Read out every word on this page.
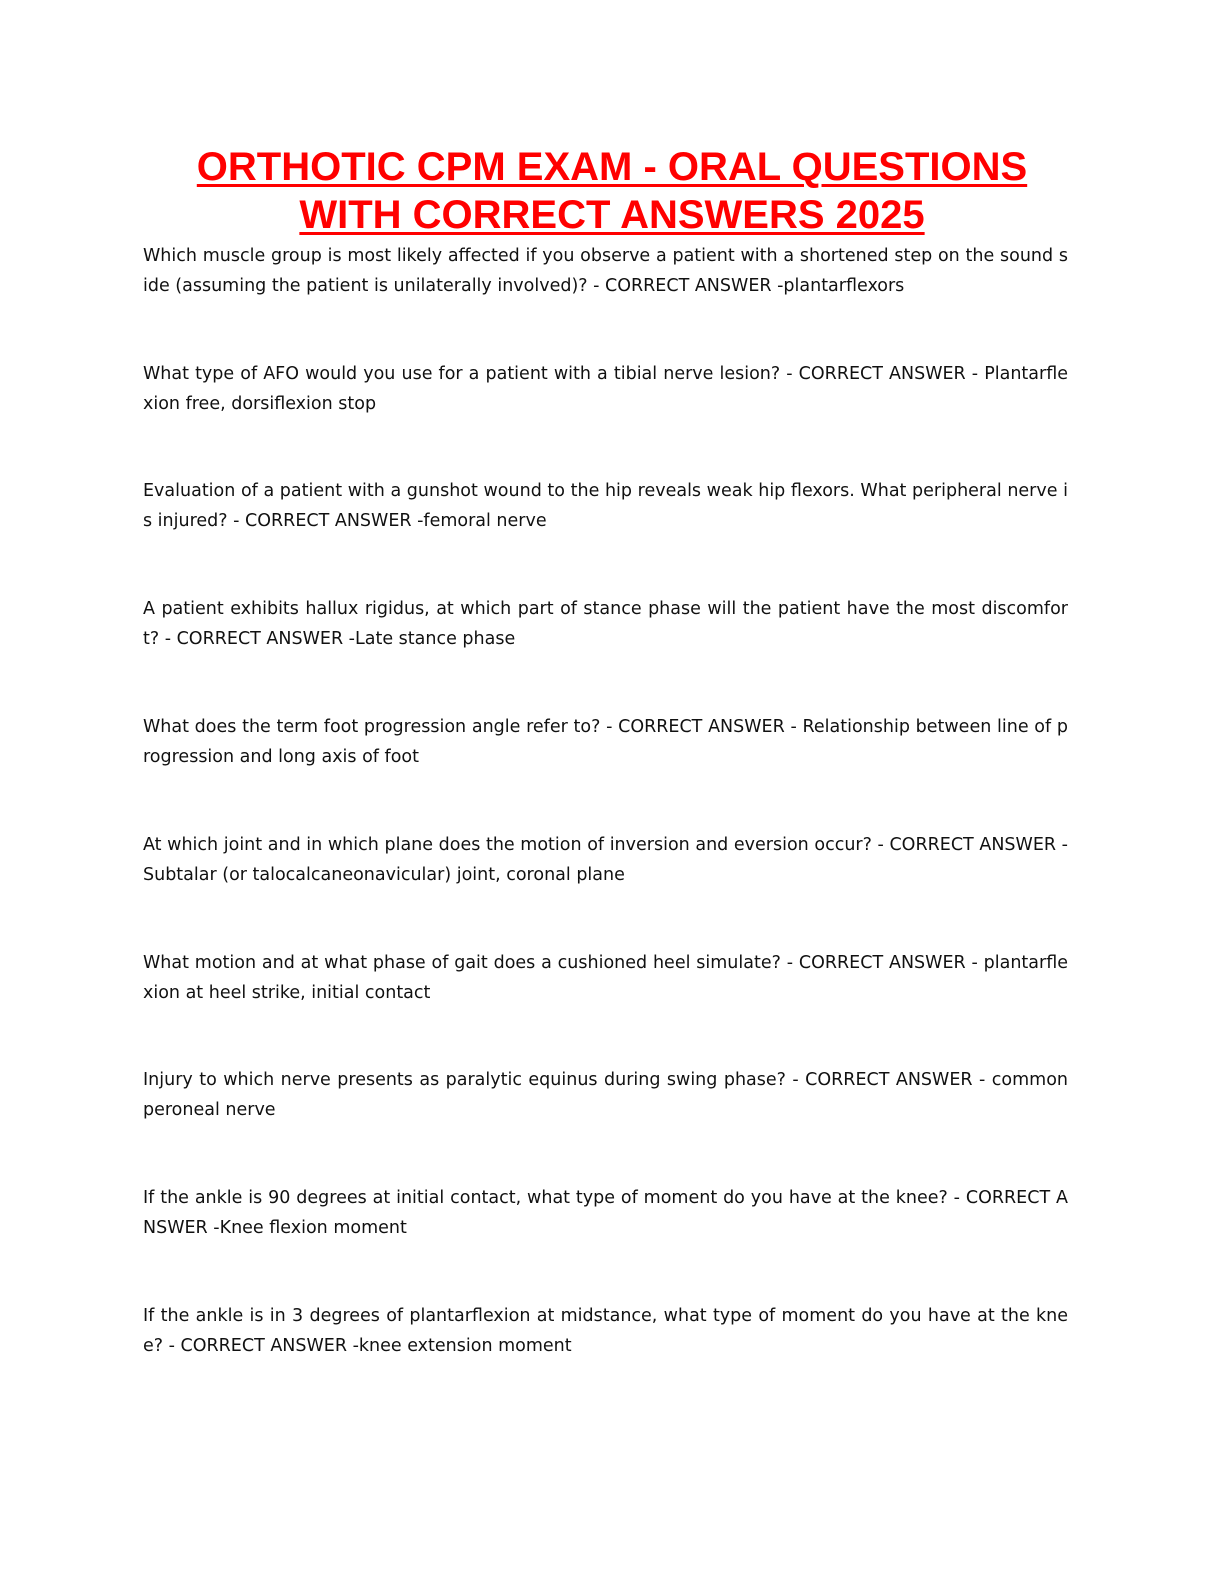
ORTHOTIC CPM EXAM - ORAL QUESTIONS
WITH CORRECT ANSWERS 2025
Which muscle group is most likely affected if you observe a patient with a shortened step on the sound side (assuming the patient is unilaterally involved)? - CORRECT ANSWER -plantarflexors
What type of AFO would you use for a patient with a tibial nerve lesion? - CORRECT ANSWER - Plantarflexion free, dorsiflexion stop
Evaluation of a patient with a gunshot wound to the hip reveals weak hip flexors. What peripheral nerve is injured? - CORRECT ANSWER -femoral nerve
A patient exhibits hallux rigidus, at which part of stance phase will the patient have the most discomfort? - CORRECT ANSWER -Late stance phase
What does the term foot progression angle refer to? - CORRECT ANSWER - Relationship between line of progression and long axis of foot
At which joint and in which plane does the motion of inversion and eversion occur? - CORRECT ANSWER -Subtalar (or talocalcaneonavicular) joint, coronal plane
What motion and at what phase of gait does a cushioned heel simulate? - CORRECT ANSWER - plantarflexion at heel strike, initial contact
Injury to which nerve presents as paralytic equinus during swing phase? - CORRECT ANSWER - common peroneal nerve
If the ankle is 90 degrees at initial contact, what type of moment do you have at the knee? - CORRECT ANSWER -Knee flexion moment
If the ankle is in 3 degrees of plantarflexion at midstance, what type of moment do you have at the knee? - CORRECT ANSWER -knee extension moment
